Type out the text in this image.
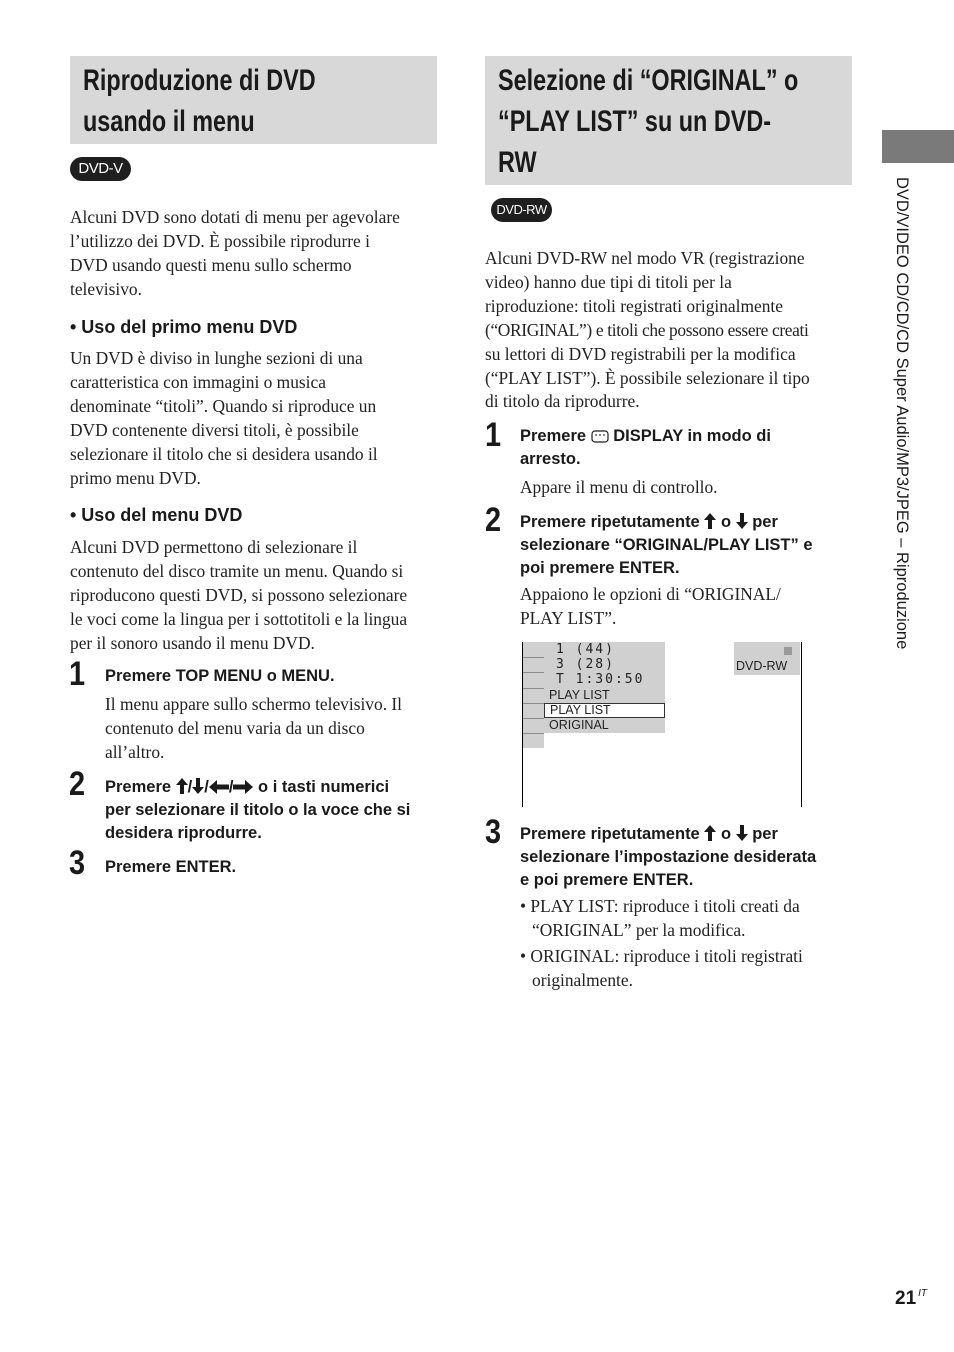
Riproduzione di DVD
usando il menu
DVD-V
Alcuni DVD sono dotati di menu per agevolare
l’utilizzo dei DVD. È possibile riprodurre i
DVD usando questi menu sullo schermo
televisivo.
• Uso del primo menu DVD
Un DVD è diviso in lunghe sezioni di una
caratteristica con immagini o musica
denominate “titoli”. Quando si riproduce un
DVD contenente diversi titoli, è possibile
selezionare il titolo che si desidera usando il
primo menu DVD.
• Uso del menu DVD
Alcuni DVD permettono di selezionare il
contenuto del disco tramite un menu. Quando si
riproducono questi DVD, si possono selezionare
le voci come la lingua per i sottotitoli e la lingua
per il sonoro usando il menu DVD.
1 Premere TOP MENU o MENU.
Il menu appare sullo schermo televisivo. Il
contenuto del menu varia da un disco
all’altro.
2 Premere / / / o i tasti numerici
per selezionare il titolo o la voce che si
desidera riprodurre.
3 Premere ENTER.
Selezione di “ORIGINAL” o
“PLAY LIST” su un DVD-
RW
DVD-RW
Alcuni DVD-RW nel modo VR (registrazione
video) hanno due tipi di titoli per la
riproduzione: titoli registrati originalmente
(“ORIGINAL”) e titoli che possono essere creati
su lettori di DVD registrabili per la modifica
(“PLAY LIST”). È possibile selezionare il tipo
di titolo da riprodurre.
1 Premere DISPLAY in modo di
arresto.
Appare il menu di controllo.
2 Premere ripetutamente o per
selezionare “ORIGINAL/PLAY LIST” e
poi premere ENTER.
Appaiono le opzioni di “ORIGINAL/
PLAY LIST”.
1 (44)
3 (28)
T 1:30:50
PLAY LIST
PLAY LIST
ORIGINAL
DVD-RW
3 Premere ripetutamente o per
selezionare l’impostazione desiderata
e poi premere ENTER.
• PLAY LIST: riproduce i titoli creati da
“ORIGINAL” per la modifica.
• ORIGINAL: riproduce i titoli registrati
originalmente.
DVD/VIDEO CD/CD/CD Super Audio/MP3/JPEG – Riproduzione
21 $^{IT}$
